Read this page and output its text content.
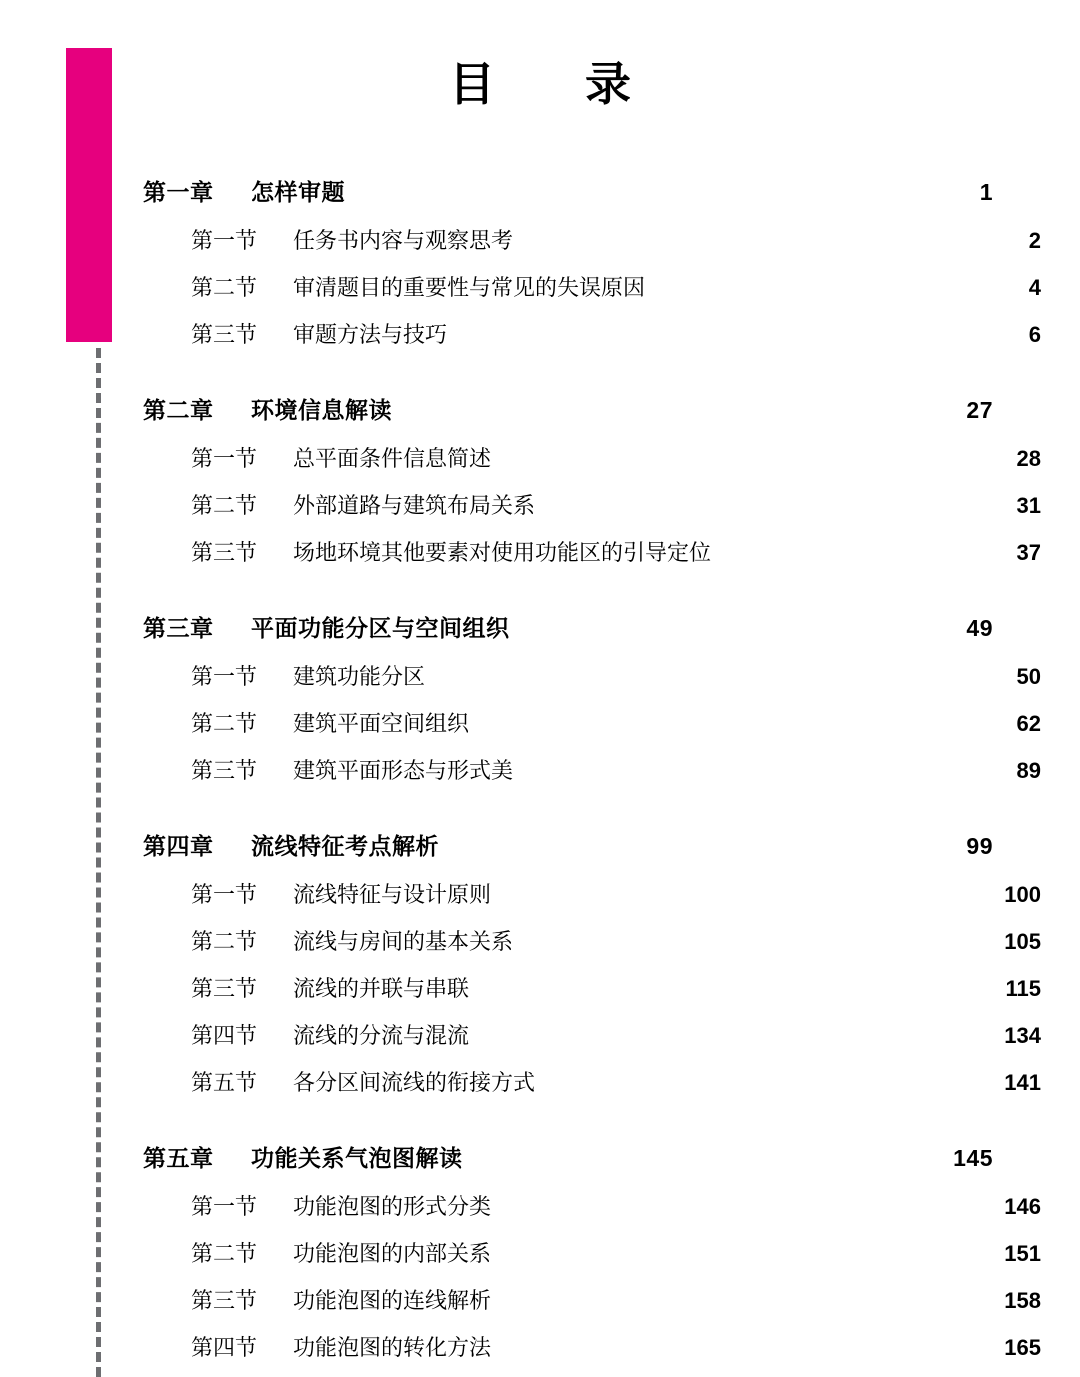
目　录
第一章	怎样审题	1
第一节	任务书内容与观察思考	2
第二节	审清题目的重要性与常见的失误原因	4
第三节	审题方法与技巧	6
第二章	环境信息解读	27
第一节	总平面条件信息简述	28
第二节	外部道路与建筑布局关系	31
第三节	场地环境其他要素对使用功能区的引导定位	37
第三章	平面功能分区与空间组织	49
第一节	建筑功能分区	50
第二节	建筑平面空间组织	62
第三节	建筑平面形态与形式美	89
第四章	流线特征考点解析	99
第一节	流线特征与设计原则	100
第二节	流线与房间的基本关系	105
第三节	流线的并联与串联	115
第四节	流线的分流与混流	134
第五节	各分区间流线的衔接方式	141
第五章	功能关系气泡图解读	145
第一节	功能泡图的形式分类	146
第二节	功能泡图的内部关系	151
第三节	功能泡图的连线解析	158
第四节	功能泡图的转化方法	165
